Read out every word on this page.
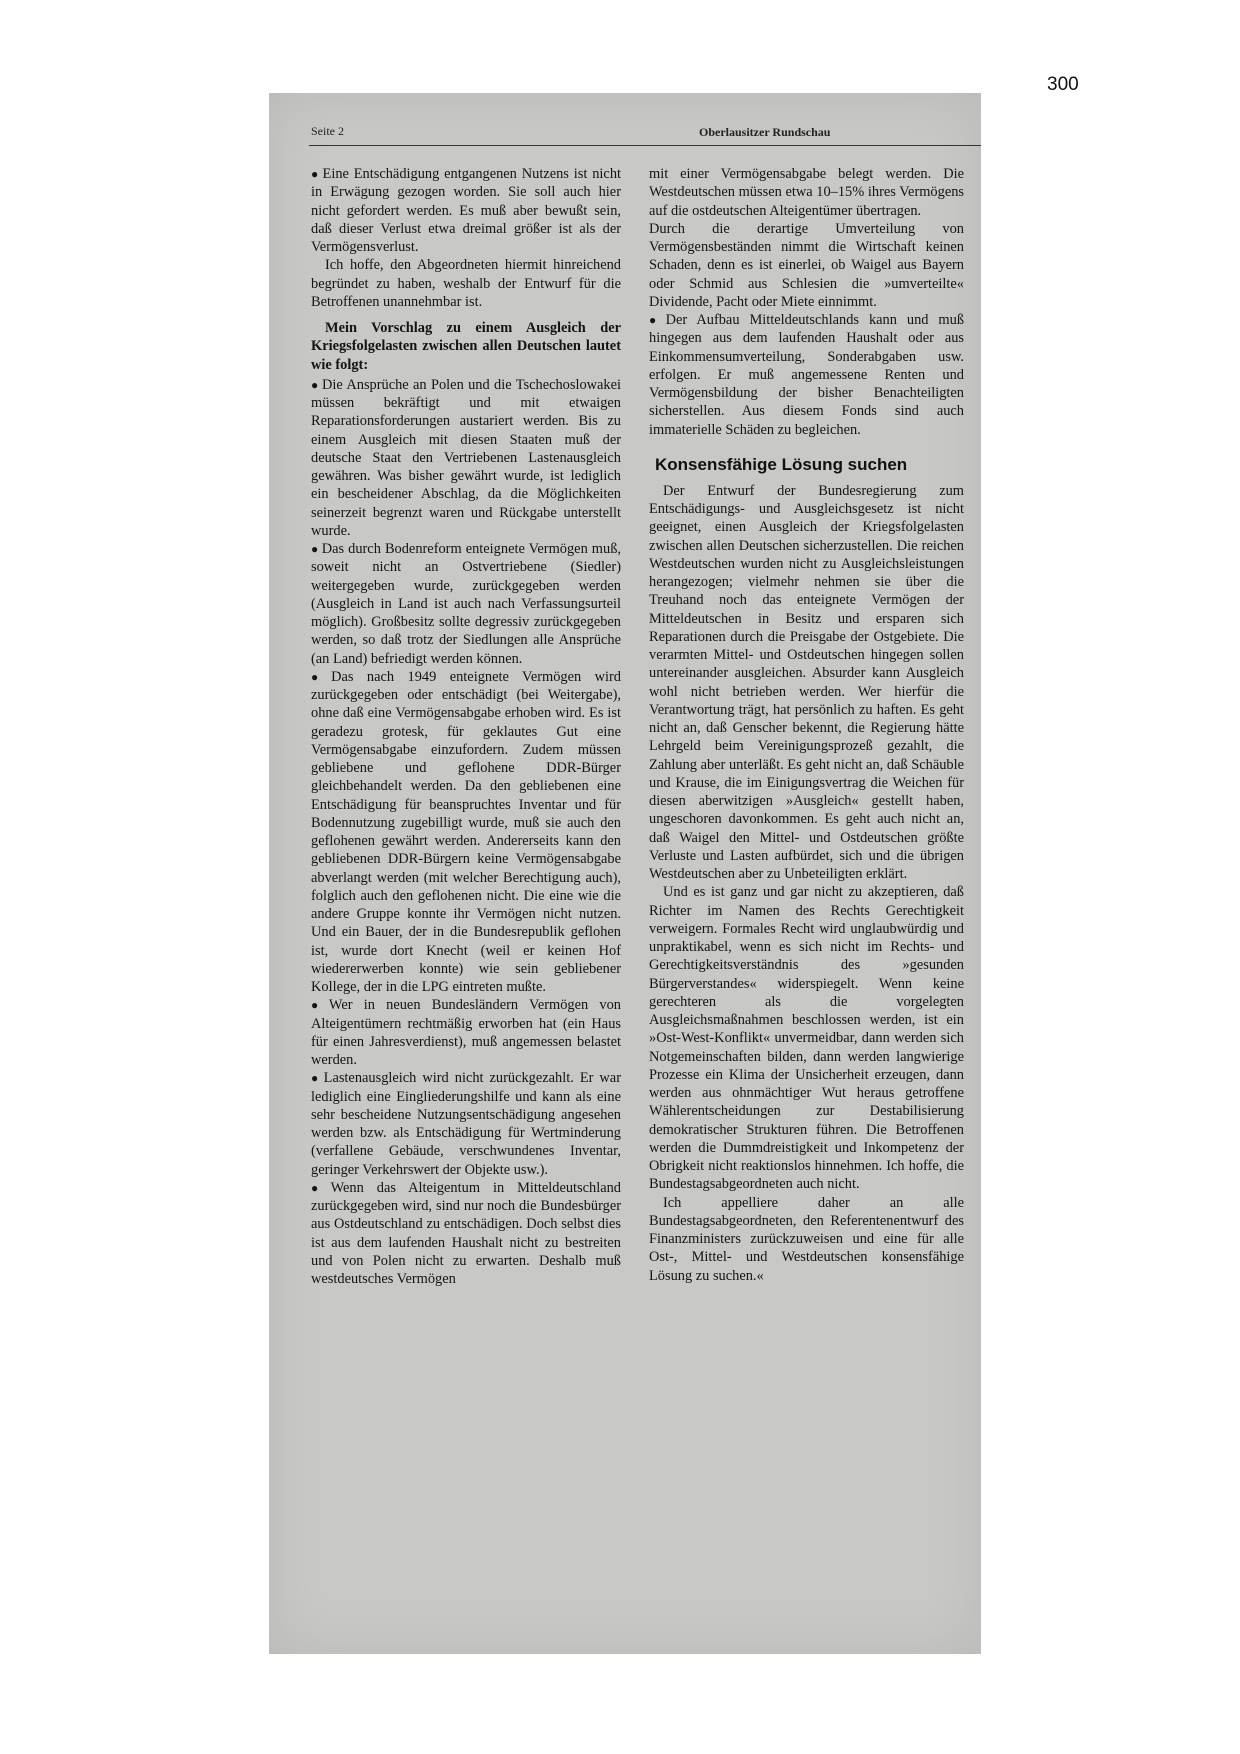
300
Seite 2	Oberlausitzer Rundschau

● Eine Entschädigung entgangenen Nutzens ist nicht in Erwägung gezogen worden. Sie soll auch hier nicht gefordert werden. Es muß aber bewußt sein, daß dieser Verlust etwa dreimal größer ist als der Vermögensverlust.

Ich hoffe, den Abgeordneten hiermit hinreichend begründet zu haben, weshalb der Entwurf für die Betroffenen unannehmbar ist.

Mein Vorschlag zu einem Ausgleich der Kriegsfolgelasten zwischen allen Deutschen lautet wie folgt:

● Die Ansprüche an Polen und die Tschechoslowakei müssen bekräftigt und mit etwaigen Reparationsforderungen austariert werden. Bis zu einem Ausgleich mit diesen Staaten muß der deutsche Staat den Vertriebenen Lastenausgleich gewähren. Was bisher gewährt wurde, ist lediglich ein bescheidener Abschlag, da die Möglichkeiten seinerzeit begrenzt waren und Rückgabe unterstellt wurde.

● Das durch Bodenreform enteignete Vermögen muß, soweit nicht an Ostvertriebene (Siedler) weitergegeben wurde, zurückgegeben werden (Ausgleich in Land ist auch nach Verfassungsurteil möglich). Großbesitz sollte degressiv zurückgegeben werden, so daß trotz der Siedlungen alle Ansprüche (an Land) befriedigt werden können.

● Das nach 1949 enteignete Vermögen wird zurückgegeben oder entschädigt (bei Weitergabe), ohne daß eine Vermögensabgabe erhoben wird. Es ist geradezu grotesk, für geklautes Gut eine Vermögensabgabe einzufordern. Zudem müssen gebliebene und geflohene DDR-Bürger gleichbehandelt werden. Da den gebliebenen eine Entschädigung für beanspruchtes Inventar und für Bodennutzung zugebilligt wurde, muß sie auch den geflohenen gewährt werden. Andererseits kann den gebliebenen DDR-Bürgern keine Vermögensabgabe abverlangt werden (mit welcher Berechtigung auch), folglich auch den geflohenen nicht. Die eine wie die andere Gruppe konnte ihr Vermögen nicht nutzen. Und ein Bauer, der in die Bundesrepublik geflohen ist, wurde dort Knecht (weil er keinen Hof wiedererwerben konnte) wie sein gebliebener Kollege, der in die LPG eintreten mußte.

● Wer in neuen Bundesländern Vermögen von Alteigentümern rechtmäßig erworben hat (ein Haus für einen Jahresverdienst), muß angemessen belastet werden.

● Lastenausgleich wird nicht zurückgezahlt. Er war lediglich eine Eingliederungshilfe und kann als eine sehr bescheidene Nutzungsentschädigung angesehen werden bzw. als Entschädigung für Wertminderung (verfallene Gebäude, verschwundenes Inventar, geringer Verkehrswert der Objekte usw.).

● Wenn das Alteigentum in Mitteldeutschland zurückgegeben wird, sind nur noch die Bundesbürger aus Ostdeutschland zu entschädigen. Doch selbst dies ist aus dem laufenden Haushalt nicht zu bestreiten und von Polen nicht zu erwarten. Deshalb muß westdeutsches Vermögen

mit einer Vermögensabgabe belegt werden. Die Westdeutschen müssen etwa 10–15% ihres Vermögens auf die ostdeutschen Alteigentümer übertragen.

Durch die derartige Umverteilung von Vermögensbeständen nimmt die Wirtschaft keinen Schaden, denn es ist einerlei, ob Waigel aus Bayern oder Schmid aus Schlesien die »umverteilte« Dividende, Pacht oder Miete einnimmt.

● Der Aufbau Mitteldeutschlands kann und muß hingegen aus dem laufenden Haushalt oder aus Einkommensumverteilung, Sonderabgaben usw. erfolgen. Er muß angemessene Renten und Vermögensbildung der bisher Benachteiligten sicherstellen. Aus diesem Fonds sind auch immaterielle Schäden zu begleichen.

Konsensfähige Lösung suchen

Der Entwurf der Bundesregierung zum Entschädigungs- und Ausgleichsgesetz ist nicht geeignet, einen Ausgleich der Kriegsfolgelasten zwischen allen Deutschen sicherzustellen. Die reichen Westdeutschen wurden nicht zu Ausgleichsleistungen herangezogen; vielmehr nehmen sie über die Treuhand noch das enteignete Vermögen der Mitteldeutschen in Besitz und ersparen sich Reparationen durch die Preisgabe der Ostgebiete. Die verarmten Mittel- und Ostdeutschen hingegen sollen untereinander ausgleichen. Absurder kann Ausgleich wohl nicht betrieben werden. Wer hierfür die Verantwortung trägt, hat persönlich zu haften. Es geht nicht an, daß Genscher bekennt, die Regierung hätte Lehrgeld beim Vereinigungsprozeß gezahlt, die Zahlung aber unterläßt. Es geht nicht an, daß Schäuble und Krause, die im Einigungsvertrag die Weichen für diesen aberwitzigen »Ausgleich« gestellt haben, ungeschoren davonkommen. Es geht auch nicht an, daß Waigel den Mittel- und Ostdeutschen größte Verluste und Lasten aufbürdet, sich und die übrigen Westdeutschen aber zu Unbeteiligten erklärt.

Und es ist ganz und gar nicht zu akzeptieren, daß Richter im Namen des Rechts Gerechtigkeit verweigern. Formales Recht wird unglaubwürdig und unpraktikabel, wenn es sich nicht im Rechts- und Gerechtigkeitsverständnis des »gesunden Bürgerverstandes« widerspiegelt. Wenn keine gerechteren als die vorgelegten Ausgleichsmaßnahmen beschlossen werden, ist ein »Ost-West-Konflikt« unvermeidbar, dann werden sich Notgemeinschaften bilden, dann werden langwierige Prozesse ein Klima der Unsicherheit erzeugen, dann werden aus ohnmächtiger Wut heraus getroffene Wählerentscheidungen zur Destabilisierung demokratischer Strukturen führen. Die Betroffenen werden die Dummdreistigkeit und Inkompetenz der Obrigkeit nicht reaktionslos hinnehmen. Ich hoffe, die Bundestagsabgeordneten auch nicht.

Ich appelliere daher an alle Bundestagsabgeordneten, den Referentenentwurf des Finanzministers zurückzuweisen und eine für alle Ost-, Mittel- und Westdeutschen konsensfähige Lösung zu suchen.«
